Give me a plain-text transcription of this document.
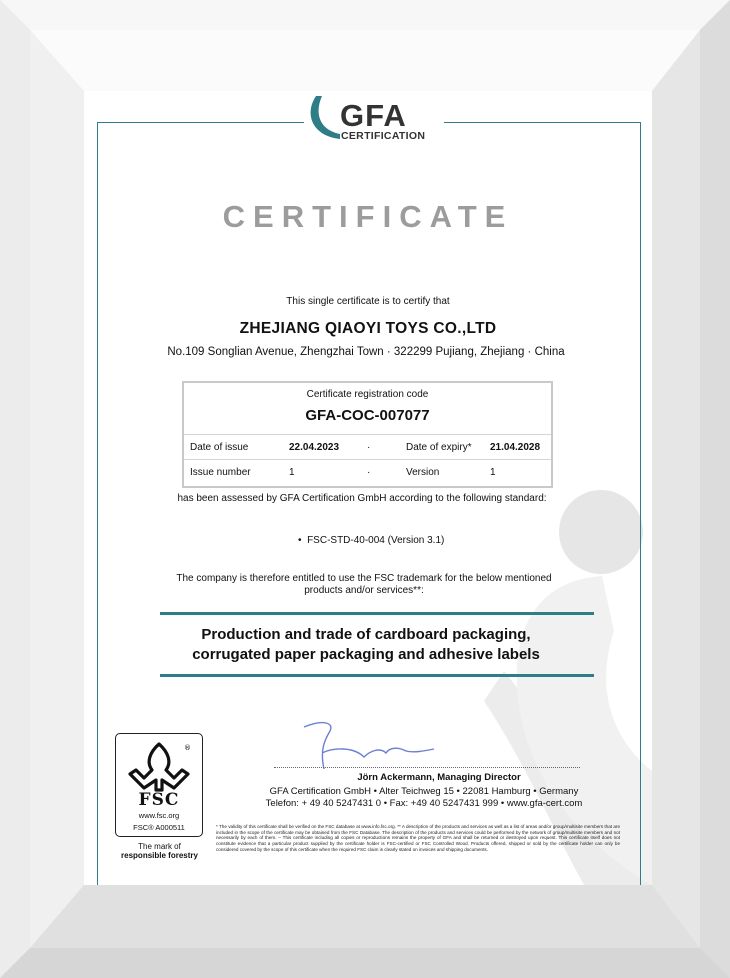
GFA
CERTIFICATION
CERTIFICATE
This single certificate is to certify that
ZHEJIANG QIAOYI TOYS CO.,LTD
No.109 Songlian Avenue, Zhengzhai Town · 322299 Pujiang, Zhejiang · China
Certificate registration code
GFA-COC-007077
Date of issue	22.04.2023	·	Date of expiry* 21.04.2028
Issue number	1	·	Version	1
has been assessed by GFA Certification GmbH according to the following standard:
•  FSC-STD-40-004 (Version 3.1)
The company is therefore entitled to use the FSC trademark for the below mentioned
products and/or services**:
Production and trade of cardboard packaging,
corrugated paper packaging and adhesive labels
Jörn Ackermann, Managing Director
GFA Certification GmbH • Alter Teichweg 15 • 22081 Hamburg • Germany
Telefon: + 49 40 5247431 0 • Fax: +49 40 5247431 999 • www.gfa-cert.com
®
FSC
www.fsc.org
FSC® A000511
The mark of
responsible forestry
* The validity of this certificate shall be verified on the FSC database at www.info.fsc.org. ** A description of the products and services as well as a list of areas and/or group/multisite members that are included in the scope of the certificate may be obtained from the FSC Database. The description of the products and services could be performed by the network of group/multisite members and not necessarily by each of them. – This certificate including all copies or reproductions remains the property of GFA and shall be returned or destroyed upon request. This certificate itself does not constitute evidence that a particular product supplied by the certificate holder is FSC-certified or FSC Controlled Wood. Products offered, shipped or sold by the certificate holder can only be considered covered by the scope of this certificate when the required FSC claim is clearly stated on invoices and shipping documents.
